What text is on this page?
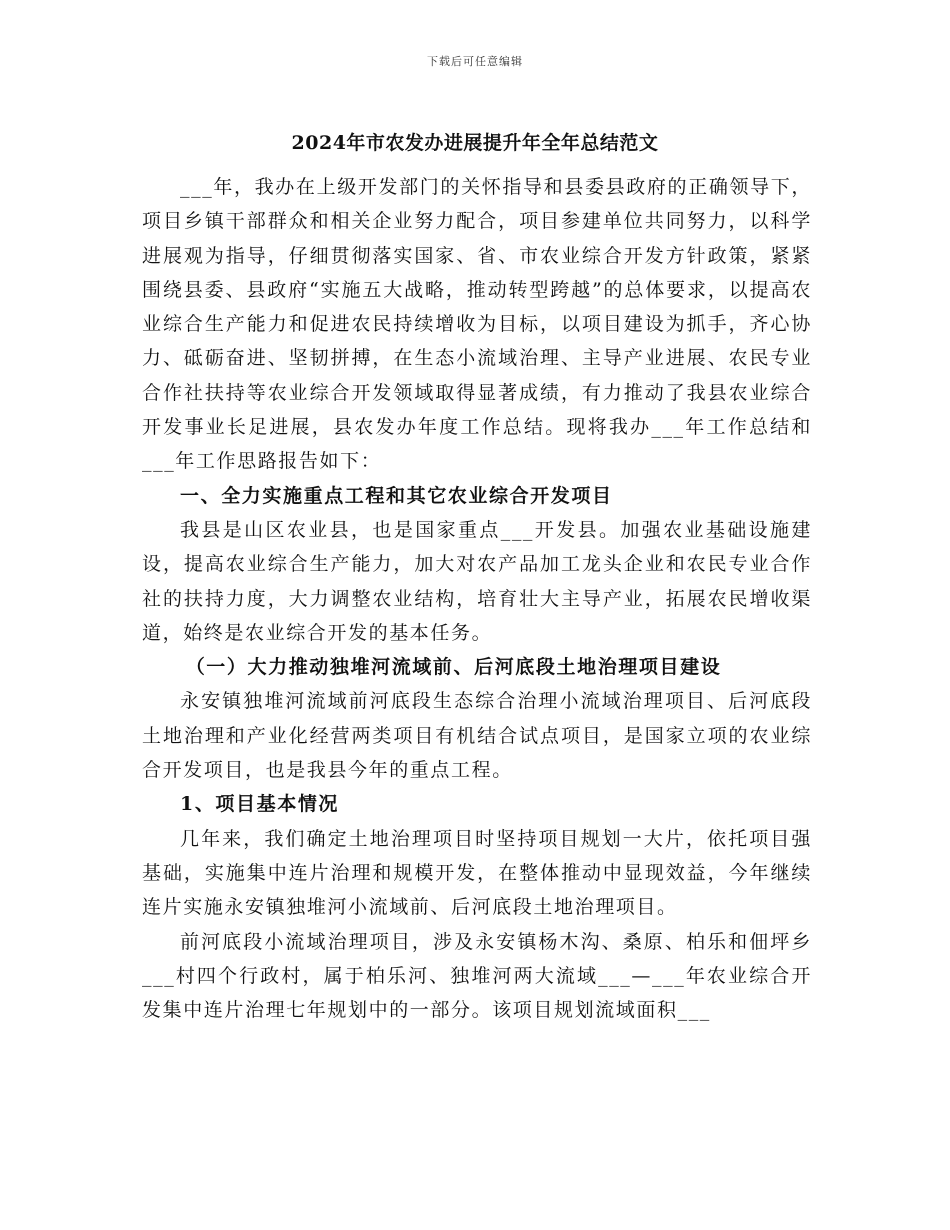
下载后可任意编辑
2024年市农发办进展提升年全年总结范文

___年，我办在上级开发部门的关怀指导和县委县政府的正确领导下，项目乡镇干部群众和相关企业努力配合，项目参建单位共同努力，以科学进展观为指导，仔细贯彻落实国家、省、市农业综合开发方针政策，紧紧围绕县委、县政府“实施五大战略，推动转型跨越”的总体要求，以提高农业综合生产能力和促进农民持续增收为目标，以项目建设为抓手，齐心协力、砥砺奋进、坚韧拼搏，在生态小流域治理、主导产业进展、农民专业合作社扶持等农业综合开发领域取得显著成绩，有力推动了我县农业综合开发事业长足进展，县农发办年度工作总结。现将我办___年工作总结和___年工作思路报告如下：

一、全力实施重点工程和其它农业综合开发项目

我县是山区农业县，也是国家重点___开发县。加强农业基础设施建设，提高农业综合生产能力，加大对农产品加工龙头企业和农民专业合作社的扶持力度，大力调整农业结构，培育壮大主导产业，拓展农民增收渠道，始终是农业综合开发的基本任务。

（一）大力推动独堆河流域前、后河底段土地治理项目建设

永安镇独堆河流域前河底段生态综合治理小流域治理项目、后河底段土地治理和产业化经营两类项目有机结合试点项目，是国家立项的农业综合开发项目，也是我县今年的重点工程。

1、项目基本情况

几年来，我们确定土地治理项目时坚持项目规划一大片，依托项目强基础，实施集中连片治理和规模开发，在整体推动中显现效益，今年继续连片实施永安镇独堆河小流域前、后河底段土地治理项目。

前河底段小流域治理项目，涉及永安镇杨木沟、桑原、柏乐和佃坪乡___村四个行政村，属于柏乐河、独堆河两大流域___—___年农业综合开发集中连片治理七年规划中的一部分。该项目规划流域面积___
